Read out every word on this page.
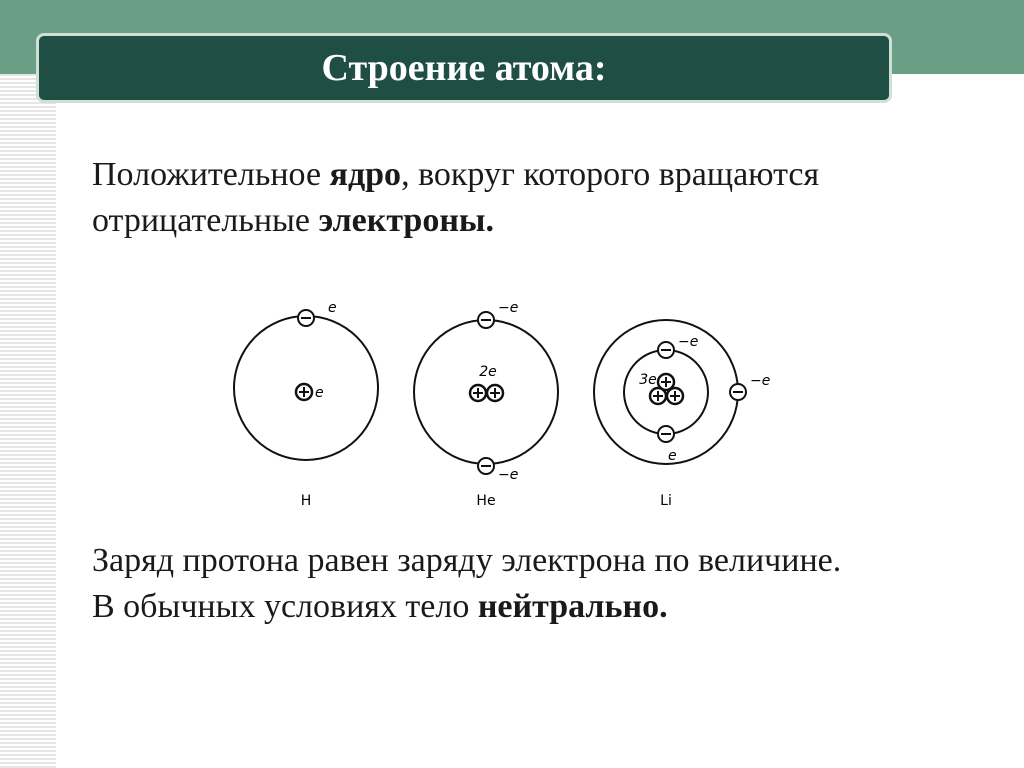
Строение атома:
Положительное ядро, вокруг которого вращаются
отрицательные электроны.
e
e
H
−e
−e
2e
He
−e
e
−e
3e
Li
Заряд протона равен заряду электрона по величине.
В обычных условиях тело нейтрально.
